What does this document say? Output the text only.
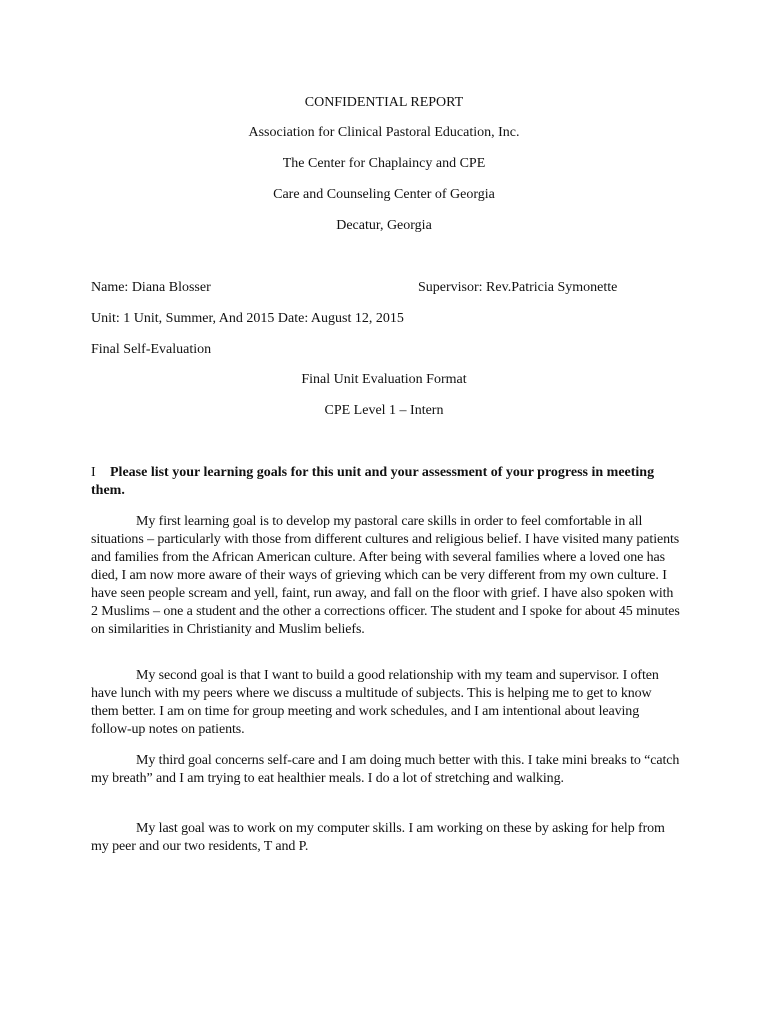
CONFIDENTIAL REPORT
Association for Clinical Pastoral Education, Inc.
The Center for Chaplaincy and CPE
Care and Counseling Center of Georgia
Decatur, Georgia
Name: Diana Blosser	Supervisor: Rev.Patricia Symonette
Unit: 1 Unit, Summer, And 2015 Date: August 12, 2015
Final Self-Evaluation
Final Unit Evaluation Format
CPE Level 1 – Intern
I Please list your learning goals for this unit and your assessment of your progress in meeting them.
My first learning goal is to develop my pastoral care skills in order to feel comfortable in all situations – particularly with those from different cultures and religious belief. I have visited many patients and families from the African American culture. After being with several families where a loved one has died, I am now more aware of their ways of grieving which can be very different from my own culture. I have seen people scream and yell, faint, run away, and fall on the floor with grief. I have also spoken with 2 Muslims – one a student and the other a corrections officer. The student and I spoke for about 45 minutes on similarities in Christianity and Muslim beliefs.
My second goal is that I want to build a good relationship with my team and supervisor. I often have lunch with my peers where we discuss a multitude of subjects. This is helping me to get to know them better. I am on time for group meeting and work schedules, and I am intentional about leaving follow-up notes on patients.
My third goal concerns self-care and I am doing much better with this. I take mini breaks to “catch my breath” and I am trying to eat healthier meals. I do a lot of stretching and walking.
My last goal was to work on my computer skills. I am working on these by asking for help from my peer and our two residents, T and P.
